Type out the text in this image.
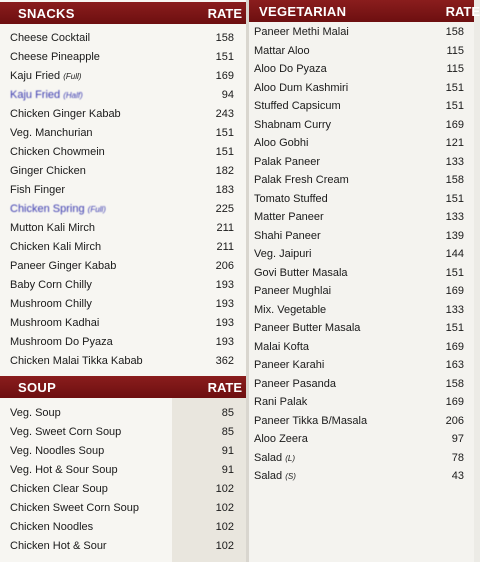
SNACKS	RATE
Cheese Cocktail	158
Cheese Pineapple	151
Kaju Fried (Full)	169
Kaju Fried (Half)	94
Chicken Ginger Kabab	243
Veg. Manchurian	151
Chicken Chowmein	151
Ginger Chicken	182
Fish Finger	183
Chicken Spring (Full)	225
Mutton Kali Mirch	211
Chicken Kali Mirch	211
Paneer Ginger Kabab	206
Baby Corn Chilly	193
Mushroom Chilly	193
Mushroom Kadhai	193
Mushroom Do Pyaza	193
Chicken Malai Tikka Kabab	362
SOUP	RATE
Veg. Soup	85
Veg. Sweet Corn Soup	85
Veg. Noodles Soup	91
Veg. Hot & Sour Soup	91
Chicken Clear Soup	102
Chicken Sweet Corn Soup	102
Chicken Noodles	102
Chicken Hot & Sour	102
VEGETARIAN	RATE
Paneer Methi Malai	158
Mattar Aloo	115
Aloo Do Pyaza	115
Aloo Dum Kashmiri	151
Stuffed Capsicum	151
Shabnam Curry	169
Aloo Gobhi	121
Palak Paneer	133
Palak Fresh Cream	158
Tomato Stuffed	151
Matter Paneer	133
Shahi Paneer	139
Veg. Jaipuri	144
Govi Butter Masala	151
Paneer Mughlai	169
Mix. Vegetable	133
Paneer Butter Masala	151
Malai Kofta	169
Paneer Karahi	163
Paneer Pasanda	158
Rani Palak	169
Paneer Tikka B/Masala	206
Aloo Zeera	97
Salad (L)	78
Salad (S)	43
